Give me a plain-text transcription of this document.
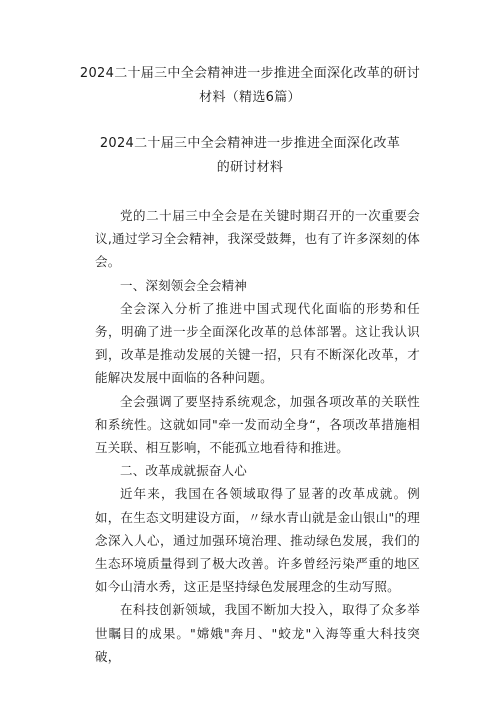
2024二十届三中全会精神进一步推进全面深化改革的研讨
材料（精选6篇）
2024二十届三中全会精神进一步推进全面深化改革
的研讨材料

党的二十届三中全会是在关键时期召开的一次重要会议,通过学习全会精神，我深受鼓舞，也有了许多深刻的体会。

一、深刻领会全会精神

全会深入分析了推进中国式现代化面临的形势和任务，明确了进一步全面深化改革的总体部署。这让我认识到，改革是推动发展的关键一招，只有不断深化改革，才能解决发展中面临的各种问题。

全会强调了要坚持系统观念，加强各项改革的关联性和系统性。这就如同"牵一发而动全身“，各项改革措施相互关联、相互影响，不能孤立地看待和推进。

二、改革成就振奋人心

近年来，我国在各领域取得了显著的改革成就。例如，在生态文明建设方面，〃绿水青山就是金山银山"的理念深入人心，通过加强环境治理、推动绿色发展，我们的生态环境质量得到了极大改善。许多曾经污染严重的地区如今山清水秀，这正是坚持绿色发展理念的生动写照。

在科技创新领域，我国不断加大投入，取得了众多举世瞩目的成果。"嫦娥"奔月、"蛟龙"入海等重大科技突破，
